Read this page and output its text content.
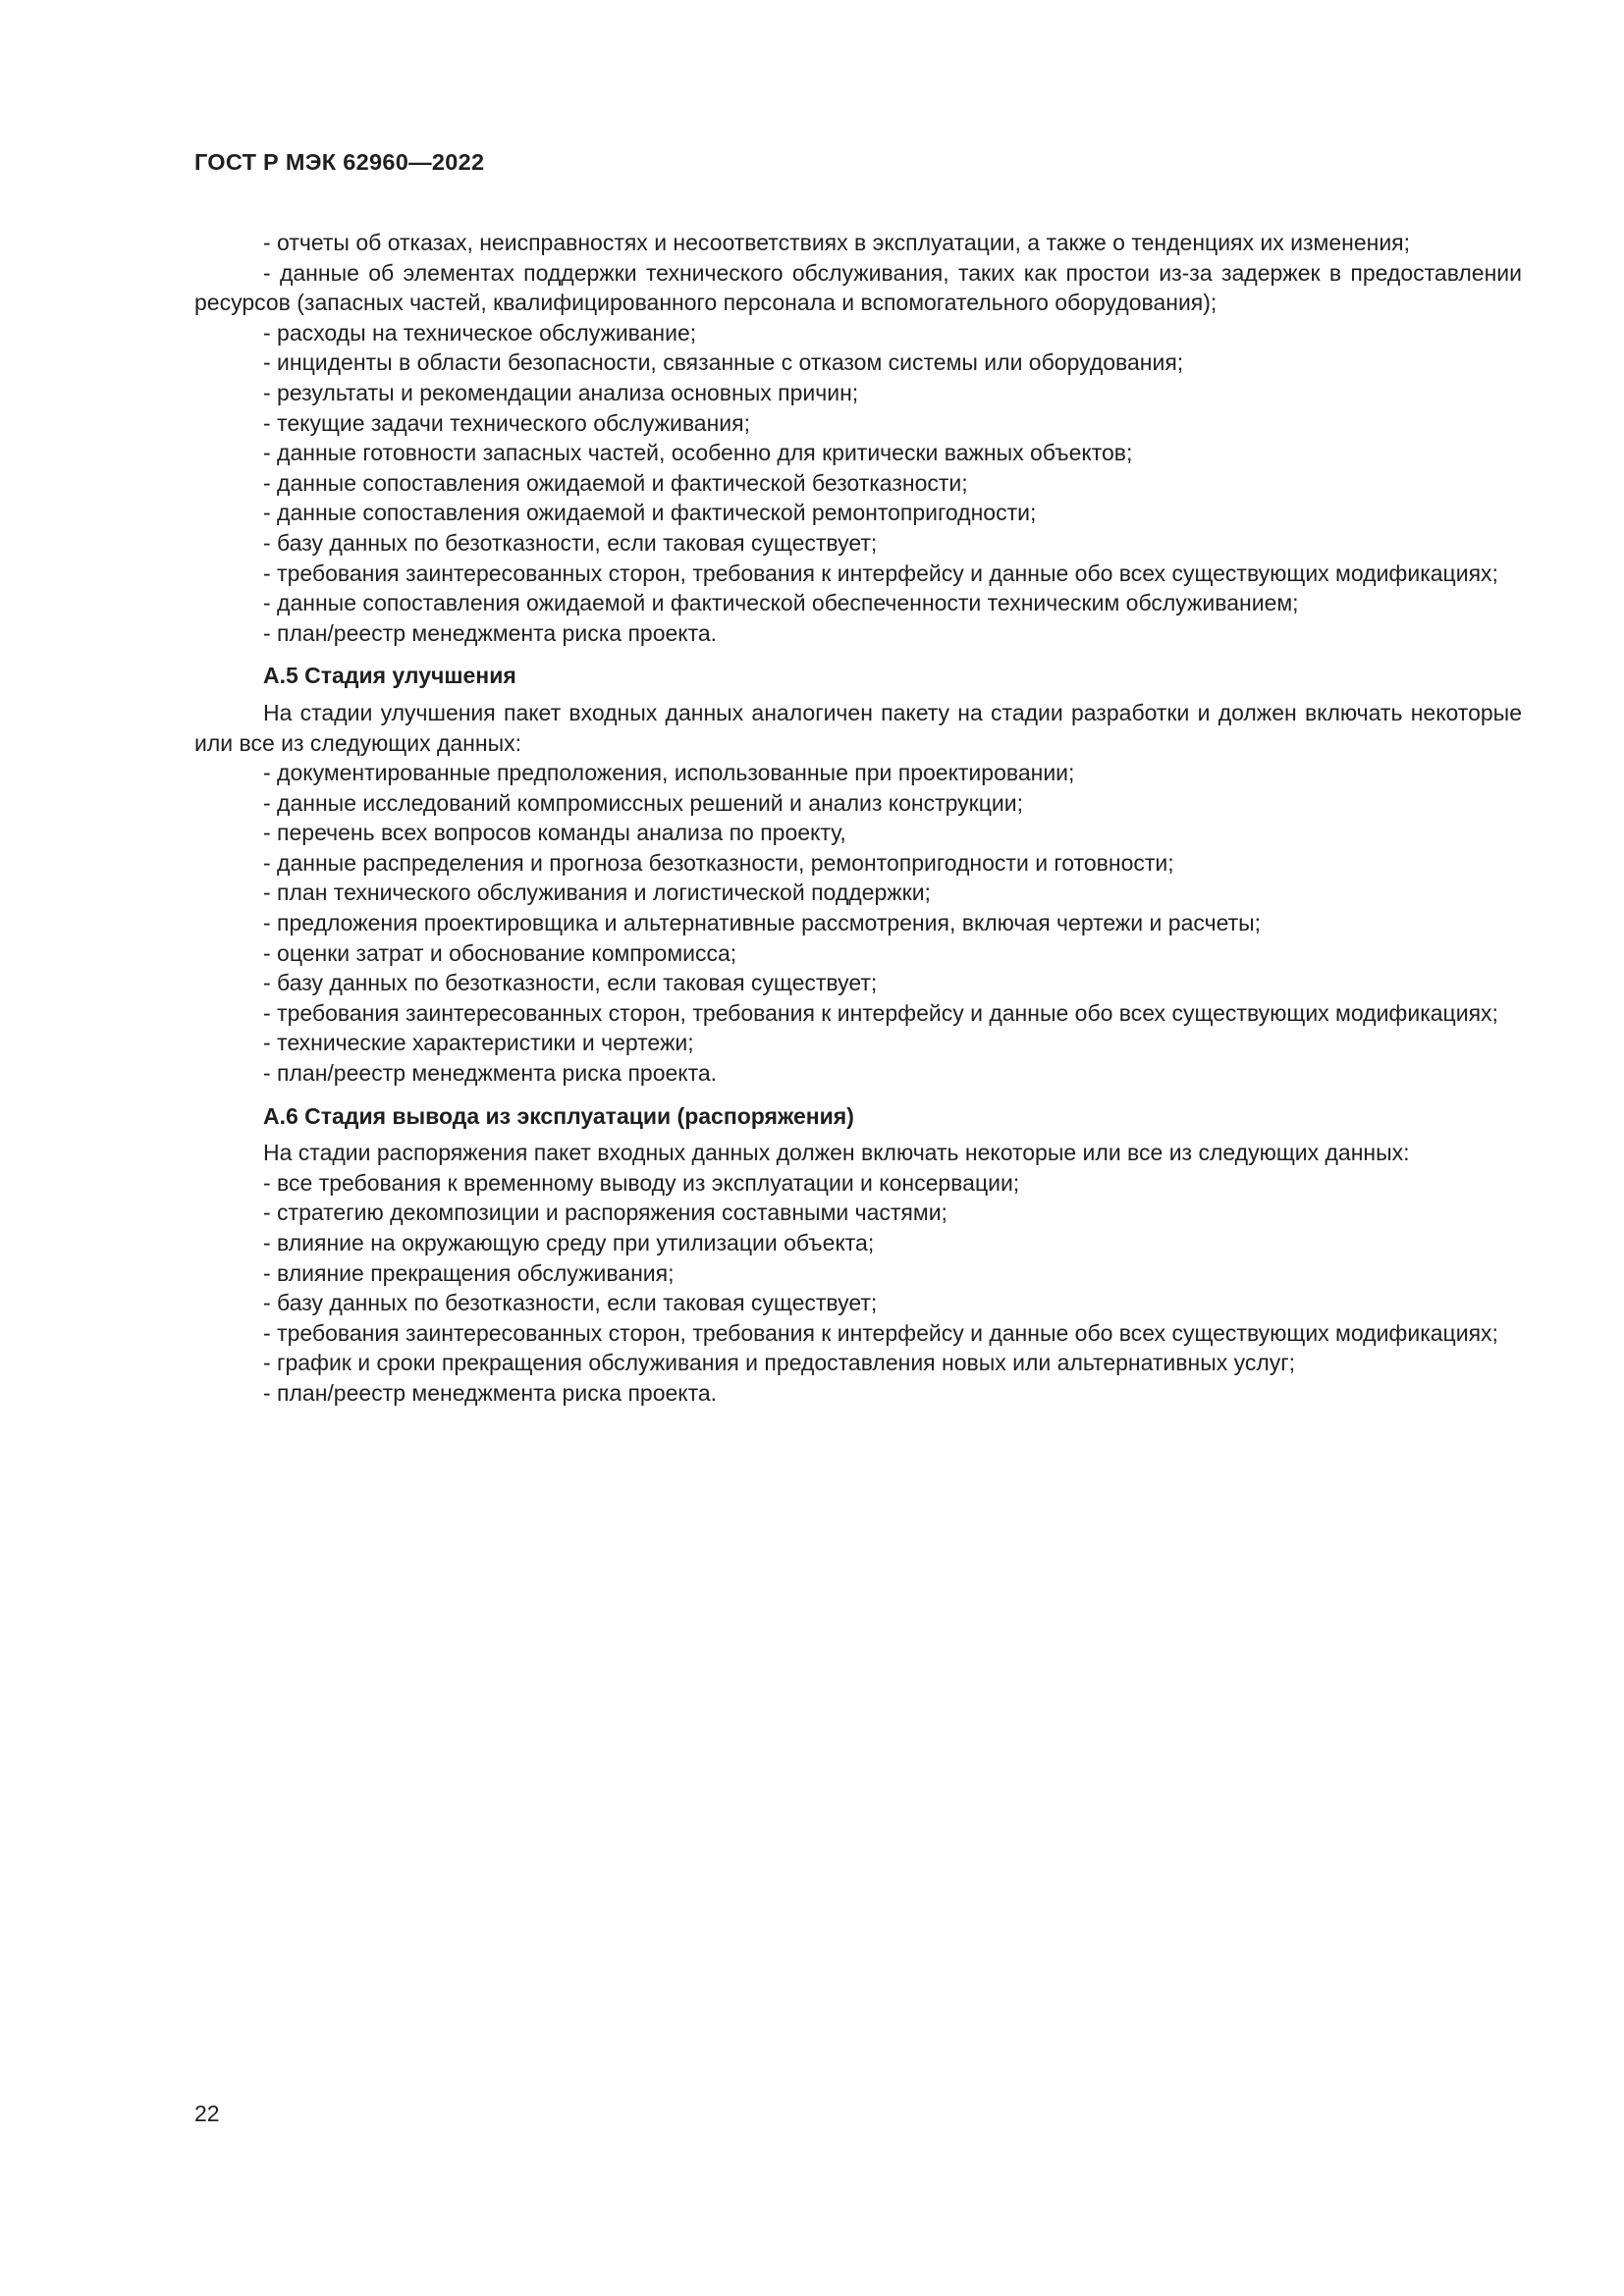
ГОСТ Р МЭК 62960—2022

- отчеты об отказах, неисправностях и несоответствиях в эксплуатации, а также о тенденциях их изменения;

- данные об элементах поддержки технического обслуживания, таких как простои из-за задержек в предоставлении ресурсов (запасных частей, квалифицированного персонала и вспомогательного оборудования);

- расходы на техническое обслуживание;

- инциденты в области безопасности, связанные с отказом системы или оборудования;

- результаты и рекомендации анализа основных причин;

- текущие задачи технического обслуживания;

- данные готовности запасных частей, особенно для критически важных объектов;

- данные сопоставления ожидаемой и фактической безотказности;

- данные сопоставления ожидаемой и фактической ремонтопригодности;

- базу данных по безотказности, если таковая существует;

- требования заинтересованных сторон, требования к интерфейсу и данные обо всех существующих модификациях;

- данные сопоставления ожидаемой и фактической обеспеченности техническим обслуживанием;

- план/реестр менеджмента риска проекта.

А.5 Стадия улучшения

На стадии улучшения пакет входных данных аналогичен пакету на стадии разработки и должен включать некоторые или все из следующих данных:

- документированные предположения, использованные при проектировании;

- данные исследований компромиссных решений и анализ конструкции;

- перечень всех вопросов команды анализа по проекту,

- данные распределения и прогноза безотказности, ремонтопригодности и готовности;

- план технического обслуживания и логистической поддержки;

- предложения проектировщика и альтернативные рассмотрения, включая чертежи и расчеты;

- оценки затрат и обоснование компромисса;

- базу данных по безотказности, если таковая существует;

- требования заинтересованных сторон, требования к интерфейсу и данные обо всех существующих модификациях;

- технические характеристики и чертежи;

- план/реестр менеджмента риска проекта.

А.6 Стадия вывода из эксплуатации (распоряжения)

На стадии распоряжения пакет входных данных должен включать некоторые или все из следующих данных:

- все требования к временному выводу из эксплуатации и консервации;

- стратегию декомпозиции и распоряжения составными частями;

- влияние на окружающую среду при утилизации объекта;

- влияние прекращения обслуживания;

- базу данных по безотказности, если таковая существует;

- требования заинтересованных сторон, требования к интерфейсу и данные обо всех существующих модификациях;

- график и сроки прекращения обслуживания и предоставления новых или альтернативных услуг;

- план/реестр менеджмента риска проекта.

22
